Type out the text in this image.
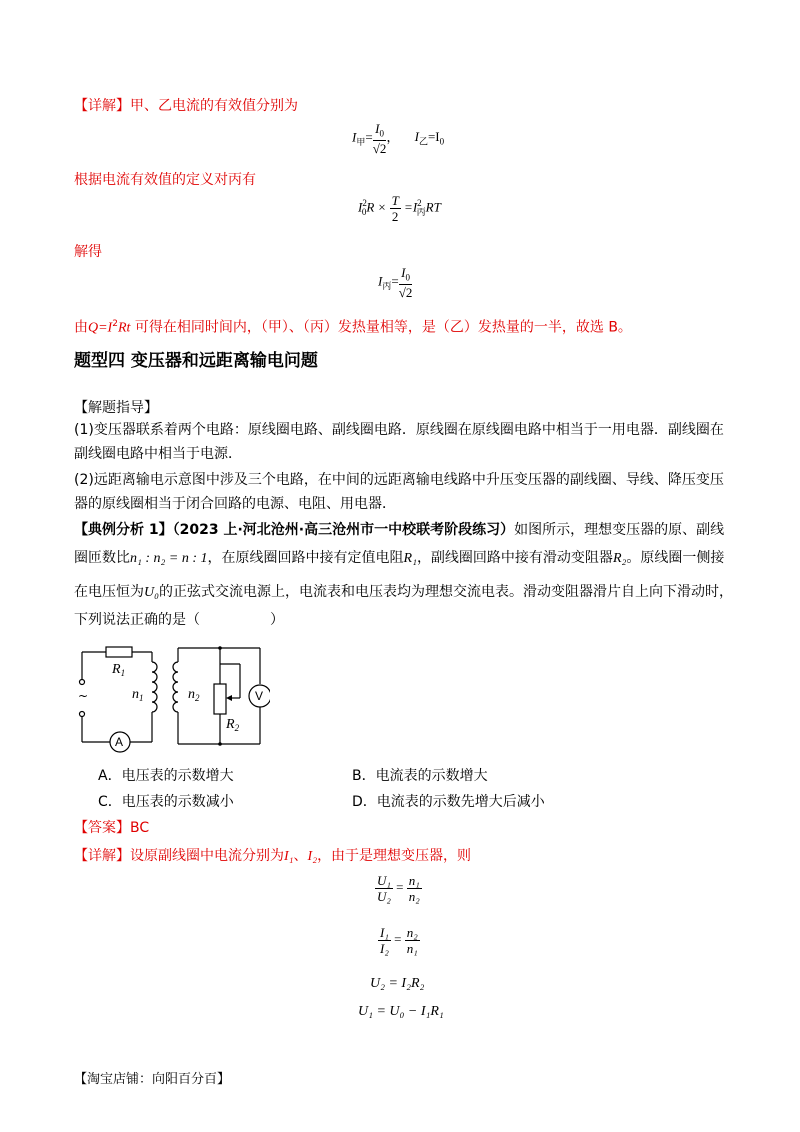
【详解】甲、乙电流的有效值分别为
$I_甲= \frac{I_0}{√2}$ ， $I_乙=I_0$
根据电流有效值的定义对丙有
$I^2_0R \times \frac{T}{2} =I^2_丙RT$
解得
$I_丙= \frac{I_0}{√2}$
由$Q=I^2Rt$ 可得在相同时间内，（甲）、（丙）发热量相等，是（乙）发热量的一半，故选 B。
题型四 变压器和远距离输电问题
【解题指导】
(1)变压器联系着两个电路：原线圈电路、副线圈电路．原线圈在原线圈电路中相当于一用电器．副线圈在
副线圈电路中相当于电源．
(2)远距离输电示意图中涉及三个电路，在中间的远距离输电线路中升压变压器的副线圈、导线、降压变压
器的原线圈相当于闭合回路的电源、电阻、用电器．
【典例分析 1】（2023 上·河北沧州·高三沧州市一中校联考阶段练习）如图所示，理想变压器的原、副线
圈匝数比n₁ : n₂ = n : 1，在原线圈回路中接有定值电阻R₁，副线圈回路中接有滑动变阻器R₂。原线圈一侧接
在电压恒为U₀的正弦式交流电源上，电流表和电压表均为理想交流电表。滑动变阻器滑片自上向下滑动时，
下列说法正确的是（　　　　　）
$R_1$
$n_1$	$n_2$
$R_2$
~
A
V
A．电压表的示数增大	B．电流表的示数增大
C．电压表的示数减小	D．电流表的示数先增大后减小
【答案】BC
【详解】设原副线圈中电流分别为I₁、I₂，由于是理想变压器，则
$\frac{\text{U₁}}{\text{U₂}} = \frac{\text{n₁}}{\text{n₂}}$
$\frac{\text{I₁}}{\text{I₂}} = \frac{\text{n₂}}{\text{n₁}}$
U₂ = I₂R₂
U₁ = U₀ − I₁R₁
【淘宝店铺：向阳百分百】
